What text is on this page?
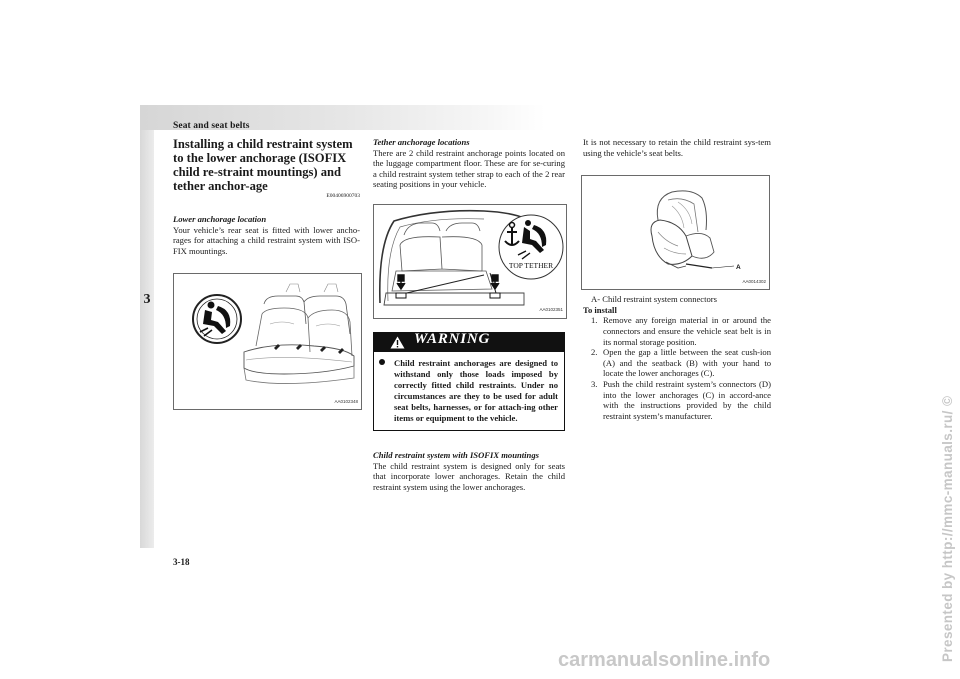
Seat and seat belts
3
Installing a child restraint system to the lower anchorage (ISOFIX child re-straint mountings) and tether anchor-age

E00406900703

Lower anchorage location

Your vehicle’s rear seat is fitted with lower ancho-rages for attaching a child restraint system with ISO-FIX mountings.

AA0102348

Tether anchorage locations

There are 2 child restraint anchorage points located on the luggage compartment floor. These are for se-curing a child restraint system tether strap to each of the 2 rear seating positions in your vehicle.

TOP TETHER
AA0102351
WARNING

Child restraint anchorages are designed to withstand only those loads imposed by correctly fitted child restraints. Under no circumstances are they to be used for adult seat belts, harnesses, or for attach-ing other items or equipment to the vehicle.

Child restraint system with ISOFIX mountings

The child restraint system is designed only for seats that incorporate lower anchorages. Retain the child restraint system using the lower anchorages.

It is not necessary to retain the child restraint sys-tem using the vehicle’s seat belts.

A
AA0014302

A- Child restraint system connectors

To install

1. Remove any foreign material in or around the connectors and ensure the vehicle seat belt is in its normal storage position.
2. Open the gap a little between the seat cush-ion (A) and the seatback (B) with your hand to locate the lower anchorages (C).
3. Push the child restraint system’s connectors (D) into the lower anchorages (C) in accord-ance with the instructions provided by the child restraint system’s manufacturer.
3-18	Presented by http://mmc-manuals.ru/ ©
carmanualsonline.info
